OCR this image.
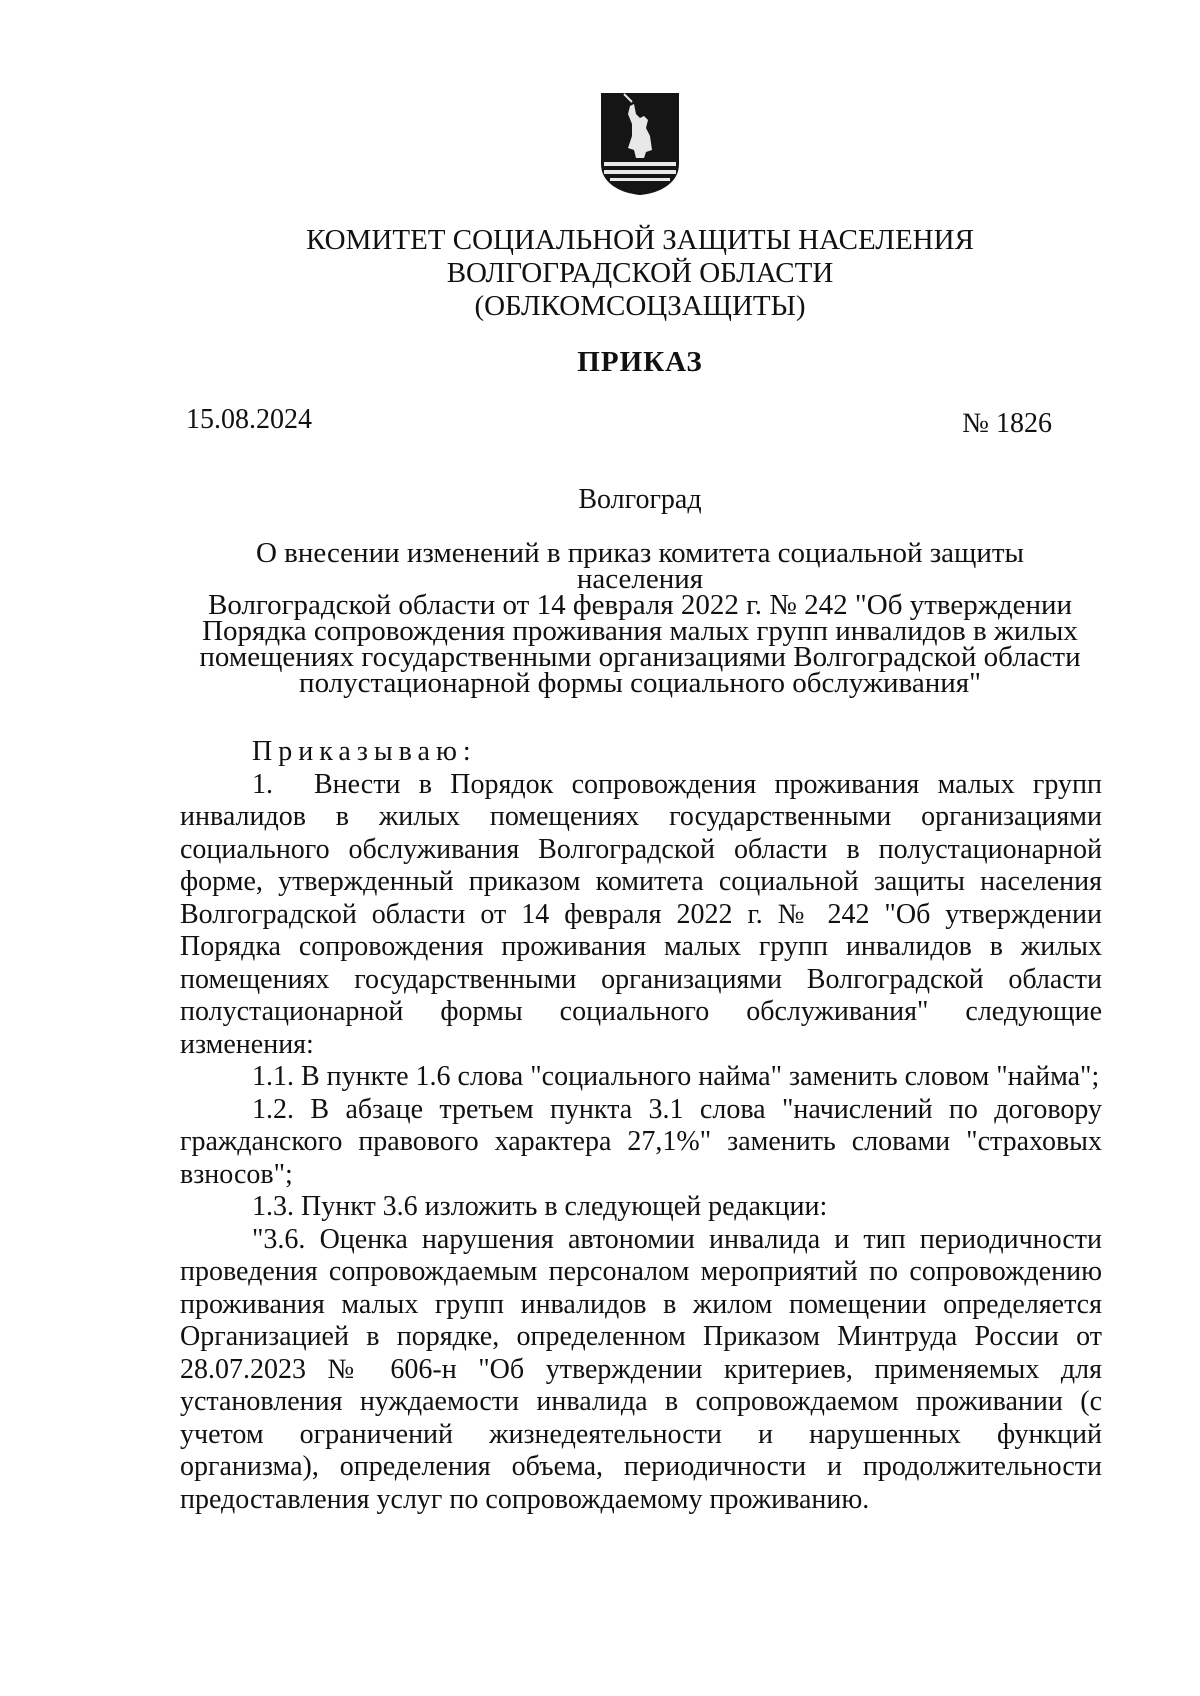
КОМИТЕТ СОЦИАЛЬНОЙ ЗАЩИТЫ НАСЕЛЕНИЯ
ВОЛГОГРАДСКОЙ ОБЛАСТИ
(ОБЛКОМСОЦЗАЩИТЫ)
ПРИКАЗ
15.08.2024	№ 1826
Волгоград
О внесении изменений в приказ комитета социальной защиты населения
Волгоградской области от 14 февраля 2022 г. № 242 "Об утверждении
Порядка сопровождения проживания малых групп инвалидов в жилых
помещениях государственными организациями Волгоградской области
полустационарной формы социального обслуживания"

Приказываю:

1. Внести в Порядок сопровождения проживания малых групп инвалидов в жилых помещениях государственными организациями социального обслуживания Волгоградской области в полустационарной форме, утвержденный приказом комитета социальной защиты населения Волгоградской области от 14 февраля 2022 г. № 242 "Об утверждении Порядка сопровождения проживания малых групп инвалидов в жилых помещениях государственными организациями Волгоградской области полустационарной формы социального обслуживания" следующие изменения:

1.1. В пункте 1.6 слова "социального найма" заменить словом "найма";

1.2. В абзаце третьем пункта 3.1 слова "начислений по договору гражданского правового характера 27,1%" заменить словами "страховых взносов";

1.3. Пункт 3.6 изложить в следующей редакции:

"3.6. Оценка нарушения автономии инвалида и тип периодичности проведения сопровождаемым персоналом мероприятий по сопровождению проживания малых групп инвалидов в жилом помещении определяется Организацией в порядке, определенном Приказом Минтруда России от 28.07.2023 № 606-н "Об утверждении критериев, применяемых для установления нуждаемости инвалида в сопровождаемом проживании (с учетом ограничений жизнедеятельности и нарушенных функций организма), определения объема, периодичности и продолжительности предоставления услуг по сопровождаемому проживанию.
